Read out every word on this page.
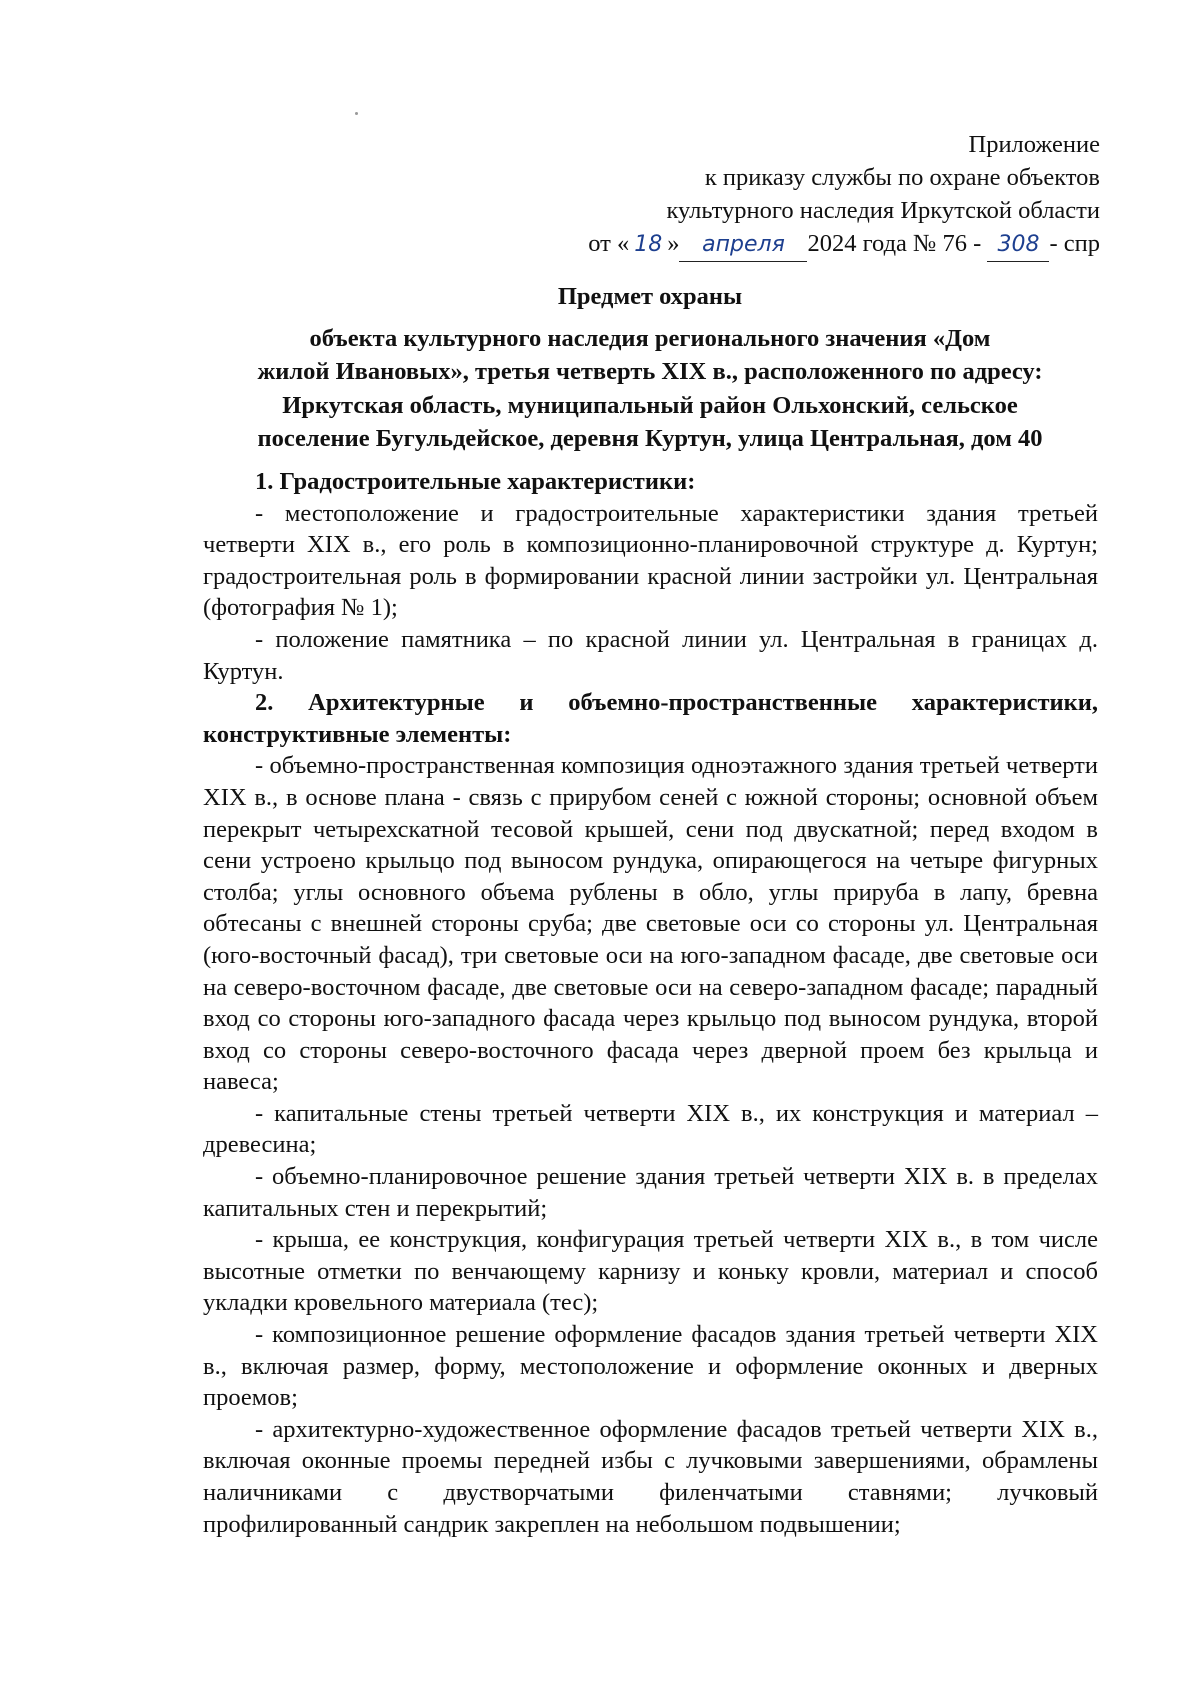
Приложение
к приказу службы по охране объектов
культурного наследия Иркутской области
от « 18 » апреля 2024 года № 76 - 308 - спр
Предмет охраны
объекта культурного наследия регионального значения «Дом
жилой Ивановых», третья четверть XIX в., расположенного по адресу:
Иркутская область, муниципальный район Ольхонский, сельское
поселение Бугульдейское, деревня Куртун, улица Центральная, дом 40

1. Градостроительные характеристики:

- местоположение и градостроительные характеристики здания третьей четверти XIX в., его роль в композиционно-планировочной структуре д. Куртун; градостроительная роль в формировании красной линии застройки ул. Центральная (фотография № 1);

- положение памятника – по красной линии ул. Центральная в границах д. Куртун.

2. Архитектурные и объемно-пространственные характеристики, конструктивные элементы:

- объемно-пространственная композиция одноэтажного здания третьей четверти XIX в., в основе плана - связь с прирубом сеней с южной стороны; основной объем перекрыт четырехскатной тесовой крышей, сени под двускатной; перед входом в сени устроено крыльцо под выносом рундука, опирающегося на четыре фигурных столба; углы основного объема рублены в обло, углы прируба в лапу, бревна обтесаны с внешней стороны сруба; две световые оси со стороны ул. Центральная (юго-восточный фасад), три световые оси на юго-западном фасаде, две световые оси на северо-восточном фасаде, две световые оси на северо-западном фасаде; парадный вход со стороны юго-западного фасада через крыльцо под выносом рундука, второй вход со стороны северо-восточного фасада через дверной проем без крыльца и навеса;

- капитальные стены третьей четверти XIX в., их конструкция и материал – древесина;

- объемно-планировочное решение здания третьей четверти XIX в. в пределах капитальных стен и перекрытий;

- крыша, ее конструкция, конфигурация третьей четверти XIX в., в том числе высотные отметки по венчающему карнизу и коньку кровли, материал и способ укладки кровельного материала (тес);

- композиционное решение оформление фасадов здания третьей четверти XIX в., включая размер, форму, местоположение и оформление оконных и дверных проемов;

- архитектурно-художественное оформление фасадов третьей четверти XIX в., включая оконные проемы передней избы с лучковыми завершениями, обрамлены наличниками с двустворчатыми филенчатыми ставнями; лучковый профилированный сандрик закреплен на небольшом подвышении;
